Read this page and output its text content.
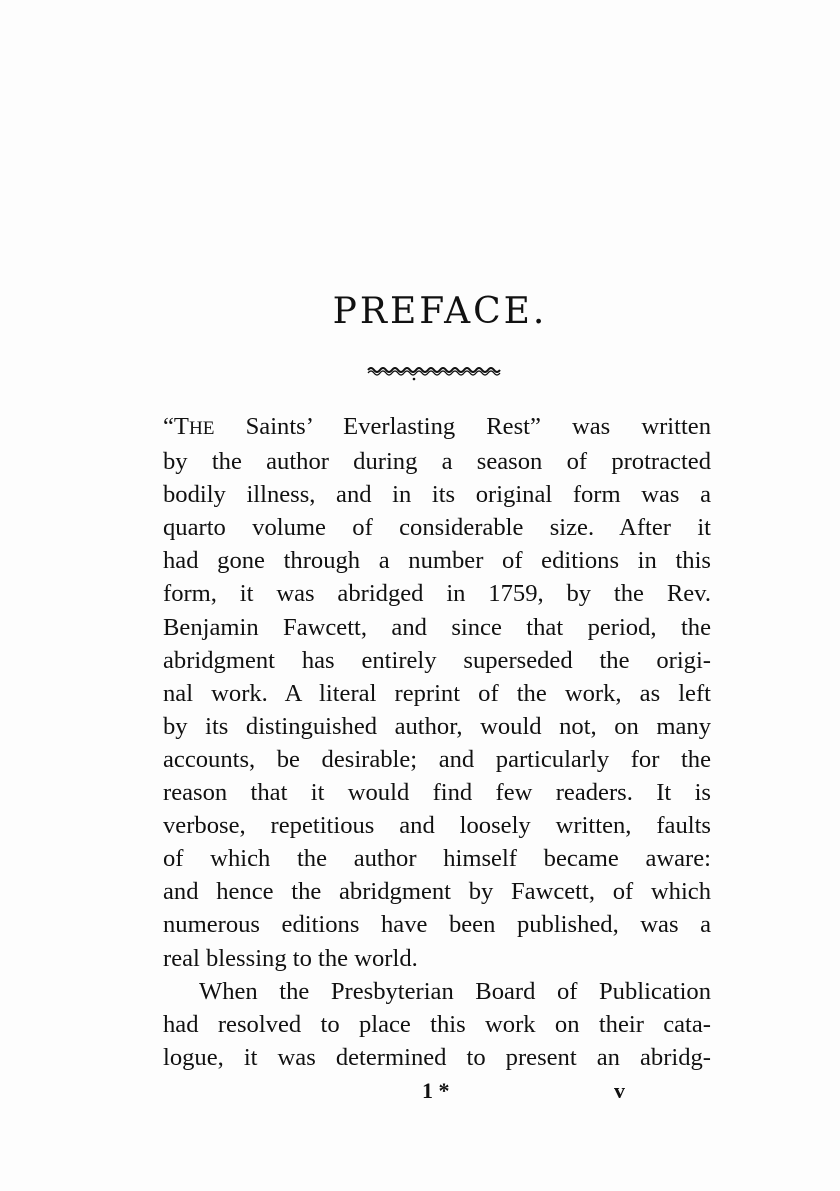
PREFACE.

“THE Saints’ Everlasting Rest” was written
by the author during a season of protracted
bodily illness, and in its original form was a
quarto volume of considerable size. After it
had gone through a number of editions in this
form, it was abridged in 1759, by the Rev.
Benjamin Fawcett, and since that period, the
abridgment has entirely superseded the origi-
nal work. A literal reprint of the work, as left
by its distinguished author, would not, on many
accounts, be desirable; and particularly for the
reason that it would find few readers. It is
verbose, repetitious and loosely written, faults
of which the author himself became aware:
and hence the abridgment by Fawcett, of which
numerous editions have been published, was a
real blessing to the world.

When the Presbyterian Board of Publication
had resolved to place this work on their cata-
logue, it was determined to present an abridg-

1 *	v
